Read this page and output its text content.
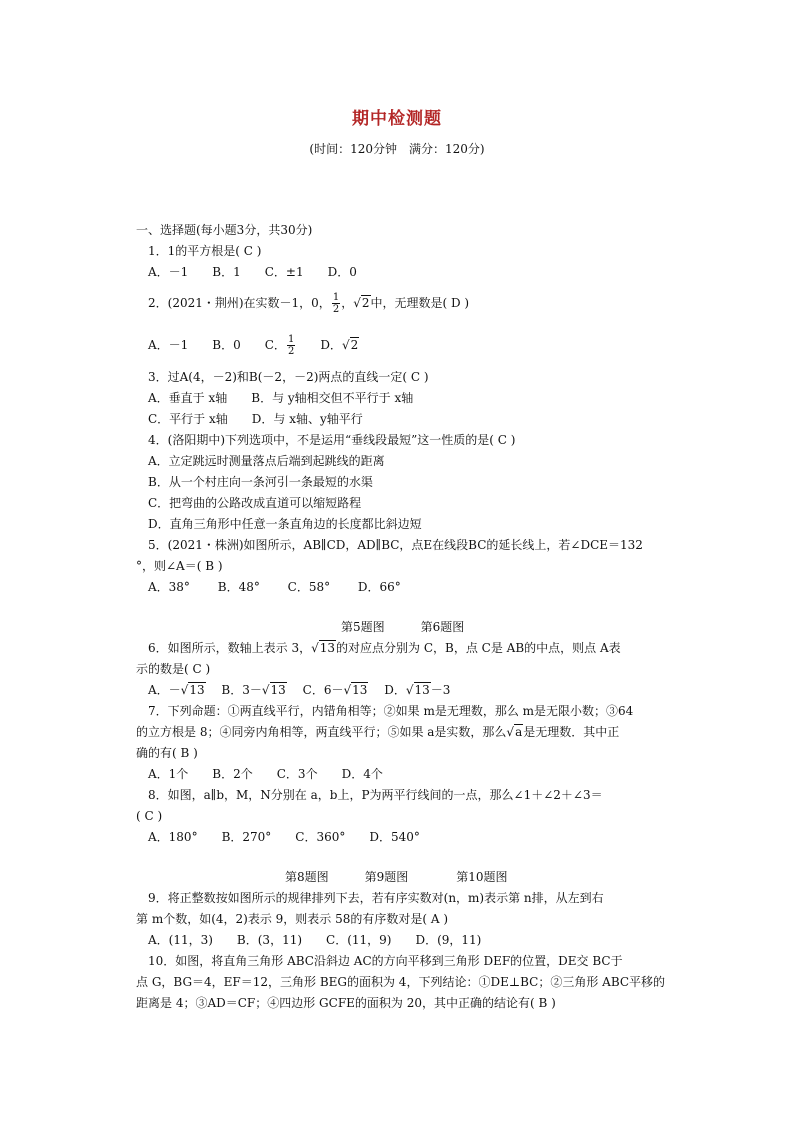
期中检测题
(时间：120分钟　满分：120分)
一、选择题(每小题3分，共30分)
1．1的平方根是( C )
A．－1　　B．1　　C．±1　　D．0
2．(2021・荆州)在实数－1，0， $\frac{1}{2}$ ，√2中，无理数是( D )
A．－1　　B．0　　C． $\frac{1}{2}$ 　　D．√2
3．过A(4，－2)和B(－2，－2)两点的直线一定( C )
A．垂直于 x轴　　B．与 y轴相交但不平行于 x轴
C．平行于 x轴　　D．与 x轴、y轴平行
4．(洛阳期中)下列选项中，不是运用“垂线段最短”这一性质的是( C )
A．立定跳远时测量落点后端到起跳线的距离
B．从一个村庄向一条河引一条最短的水渠
C．把弯曲的公路改成直道可以缩短路程
D．直角三角形中任意一条直角边的长度都比斜边短
5．(2021・株洲)如图所示，AB∥CD，AD∥BC，点E在线段BC的延长线上，若∠DCE＝132
°，则∠A＝( B )
A．38°　　 B．48°　　 C．58°　　 D．66°
第5题图　　　第6题图
6．如图所示，数轴上表示 3，√13的对应点分别为 C，B，点 C是 AB的中点，则点 A表
示的数是( C )
A．－√13　 B．3－√13　 C．6－√13　 D．√13－3
7．下列命题：①两直线平行，内错角相等；②如果 m是无理数，那么 m是无限小数；③64
的立方根是 8；④同旁内角相等，两直线平行；⑤如果 a是实数，那么√a是无理数．其中正
确的有( B )
A．1个　　B．2个　　C．3个　　D．4个
8．如图，a∥b，M，N分别在 a，b上，P为两平行线间的一点，那么∠1＋∠2＋∠3＝
( C )
A．180°　　B．270°　　C．360°　　D．540°
第8题图　　　第9题图　　　　第10题图
9．将正整数按如图所示的规律排列下去，若有序实数对(n，m)表示第 n排，从左到右
第 m个数，如(4，2)表示 9，则表示 58的有序数对是( A )
A．(11，3)　　B．(3，11)　　C．(11，9)　　D．(9，11)
10．如图，将直角三角形 ABC沿斜边 AC的方向平移到三角形 DEF的位置，DE交 BC于
点 G，BG＝4，EF＝12，三角形 BEG的面积为 4，下列结论：①DE⊥BC；②三角形 ABC平移的
距离是 4；③AD＝CF；④四边形 GCFE的面积为 20，其中正确的结论有( B )
